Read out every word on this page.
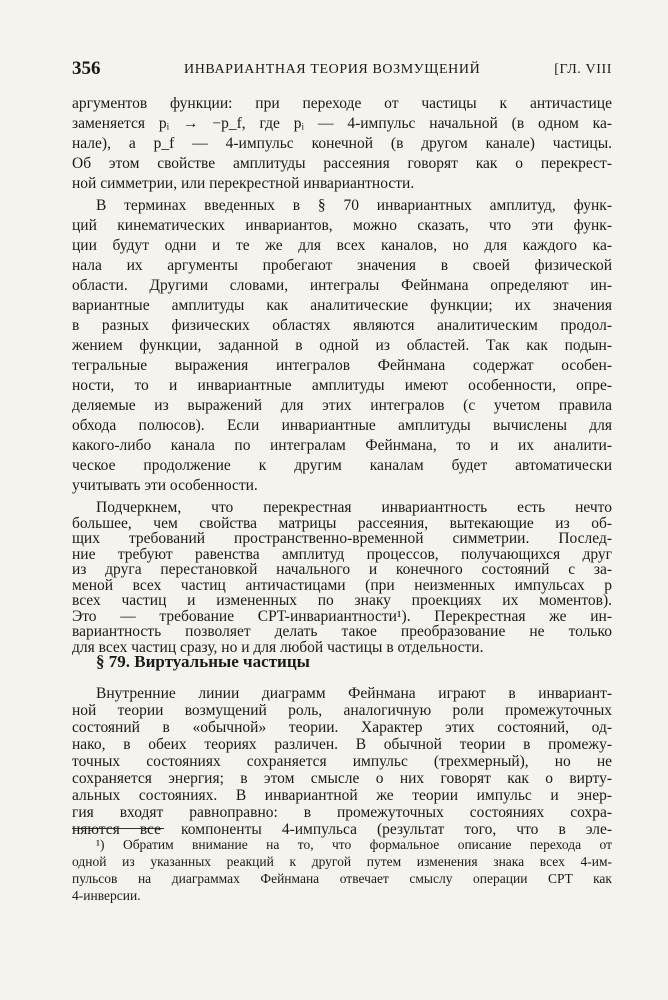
356	ИНВАРИАНТНАЯ ТЕОРИЯ ВОЗМУЩЕНИЙ	[ГЛ. VIII
аргументов функции: при переходе от частицы к античастице
заменяется pᵢ → −p_f, где pᵢ — 4-импульс начальной (в одном ка-
нале), а p_f — 4-импульс конечной (в другом канале) частицы.
Об этом свойстве амплитуды рассеяния говорят как о перекрест-
ной симметрии, или перекрестной инвариантности.
В терминах введенных в § 70 инвариантных амплитуд, функ-
ций кинематических инвариантов, можно сказать, что эти функ-
ции будут одни и те же для всех каналов, но для каждого ка-
нала их аргументы пробегают значения в своей физической
области. Другими словами, интегралы Фейнмана определяют ин-
вариантные амплитуды как аналитические функции; их значения
в разных физических областях являются аналитическим продол-
жением функции, заданной в одной из областей. Так как подын-
тегральные выражения интегралов Фейнмана содержат особен-
ности, то и инвариантные амплитуды имеют особенности, опре-
деляемые из выражений для этих интегралов (с учетом правила
обхода полюсов). Если инвариантные амплитуды вычислены для
какого-либо канала по интегралам Фейнмана, то и их аналити-
ческое продолжение к другим каналам будет автоматически
учитывать эти особенности.
Подчеркнем, что перекрестная инвариантность есть нечто
большее, чем свойства матрицы рассеяния, вытекающие из об-
щих требований пространственно-временной симметрии. Послед-
ние требуют равенства амплитуд процессов, получающихся друг
из друга перестановкой начального и конечного состояний с за-
меной всех частиц античастицами (при неизменных импульсах p
всех частиц и измененных по знаку проекциях их моментов).
§ 79. Виртуальные частицы
Внутренние линии диаграмм Фейнмана играют в инвариант-
ной теории возмущений роль, аналогичную роли промежуточных
состояний в «обычной» теории. Характер этих состояний, од-
нако, в обеих теориях различен. В обычной теории в промежу-
точных состояниях сохраняется импульс (трехмерный), но не
сохраняется энергия; в этом смысле о них говорят как о вирту-
¹) Обратим внимание на то, что формальное описание перехода от
одной из указанных реакций к другой путем изменения знака всех 4-им-
пульсов на диаграммах Фейнмана отвечает смыслу операции CPT как
4-инверсии.
Это — требование CPT-инвариантности¹). Перекрестная же ин-
вариантность позволяет делать такое преобразование не только
для всех частиц сразу, но и для любой частицы в отдельности.
альных состояниях. В инвариантной же теории импульс и энер-
гия входят равноправно: в промежуточных состояниях сохра-
няются все компоненты 4-импульса (результат того, что в эле-
